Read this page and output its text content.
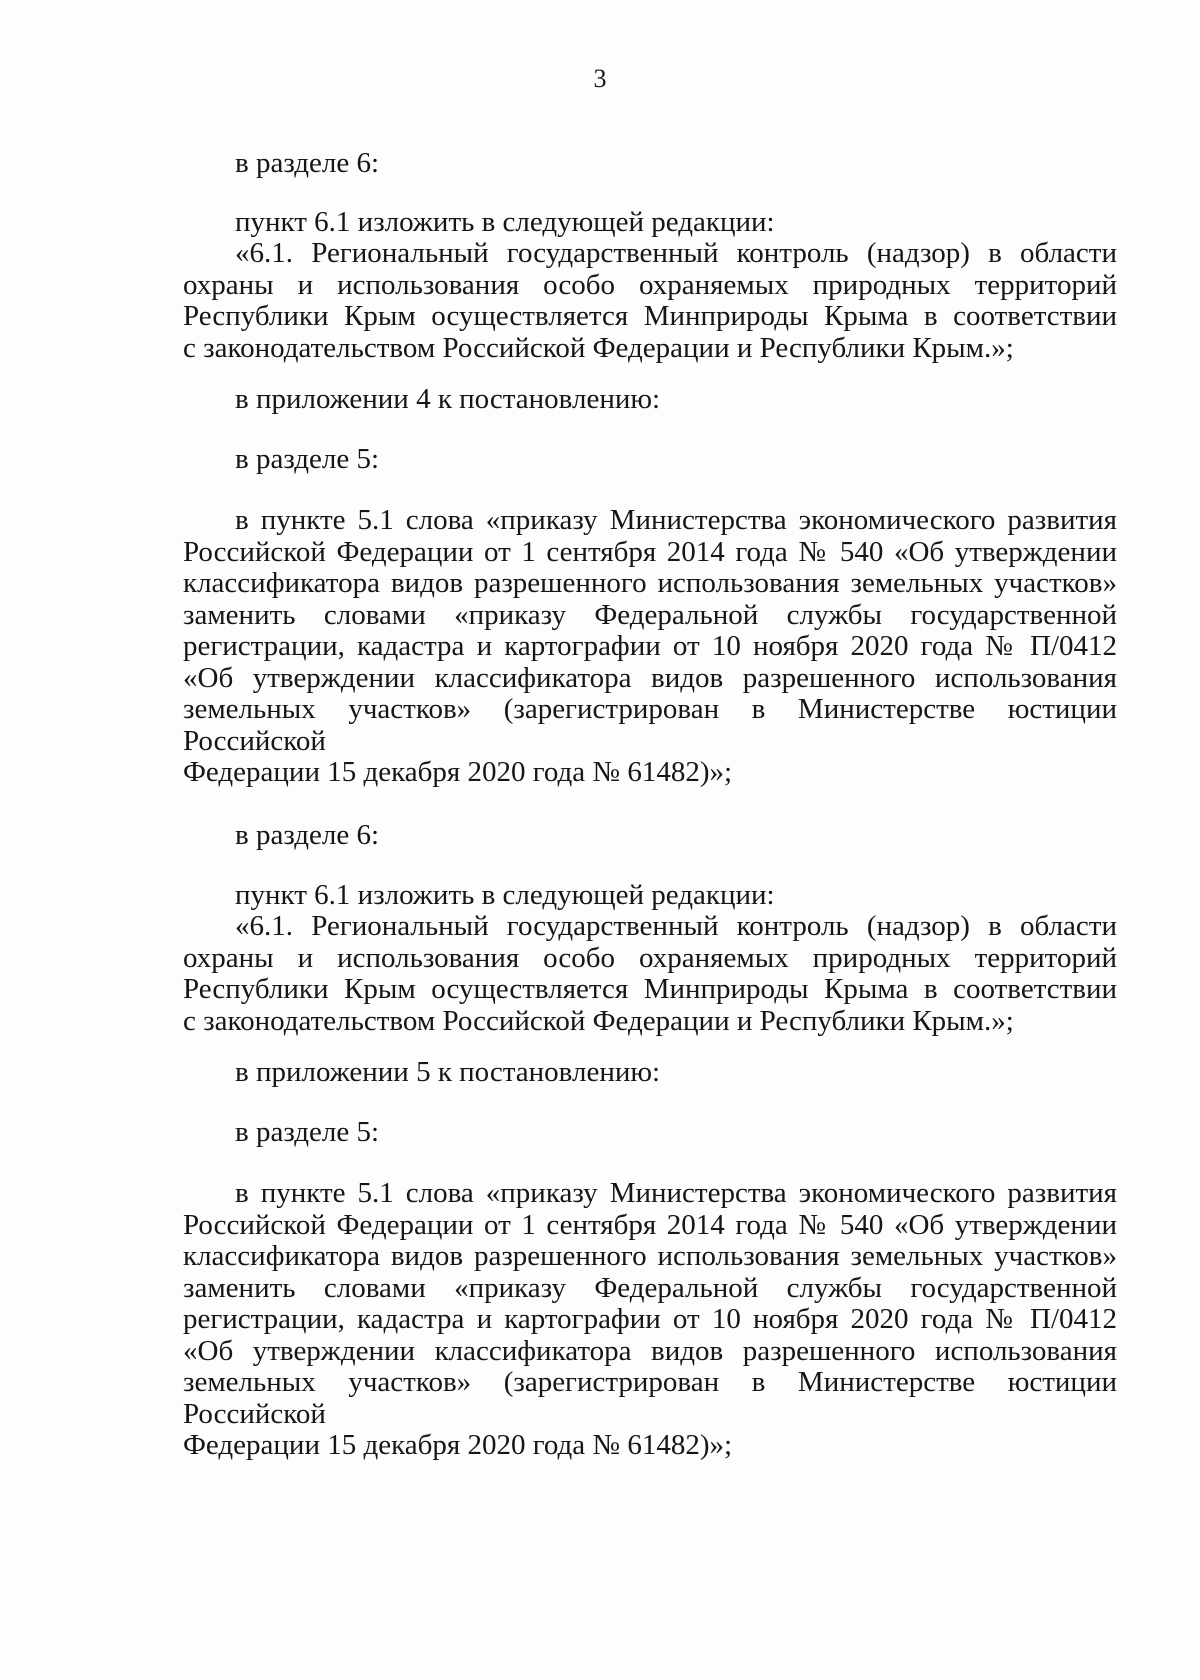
3
в разделе 6:
пункт 6.1 изложить в следующей редакции:
«6.1. Региональный государственный контроль (надзор) в области
охраны и использования особо охраняемых природных территорий
Республики Крым осуществляется Минприроды Крыма в соответствии
с законодательством Российской Федерации и Республики Крым.»;
в приложении 4 к постановлению:
в разделе 5:
в пункте 5.1 слова «приказу Министерства экономического развития
Российской Федерации от 1 сентября 2014 года № 540 «Об утверждении
классификатора видов разрешенного использования земельных участков»
заменить словами «приказу Федеральной службы государственной
регистрации, кадастра и картографии от 10 ноября 2020 года № П/0412
«Об утверждении классификатора видов разрешенного использования
земельных участков» (зарегистрирован в Министерстве юстиции Российской
Федерации 15 декабря 2020 года № 61482)»;
в разделе 6:
пункт 6.1 изложить в следующей редакции:
«6.1. Региональный государственный контроль (надзор) в области
охраны и использования особо охраняемых природных территорий
Республики Крым осуществляется Минприроды Крыма в соответствии
с законодательством Российской Федерации и Республики Крым.»;
в приложении 5 к постановлению:
в разделе 5:
в пункте 5.1 слова «приказу Министерства экономического развития
Российской Федерации от 1 сентября 2014 года № 540 «Об утверждении
классификатора видов разрешенного использования земельных участков»
заменить словами «приказу Федеральной службы государственной
регистрации, кадастра и картографии от 10 ноября 2020 года № П/0412
«Об утверждении классификатора видов разрешенного использования
земельных участков» (зарегистрирован в Министерстве юстиции Российской
Федерации 15 декабря 2020 года № 61482)»;
